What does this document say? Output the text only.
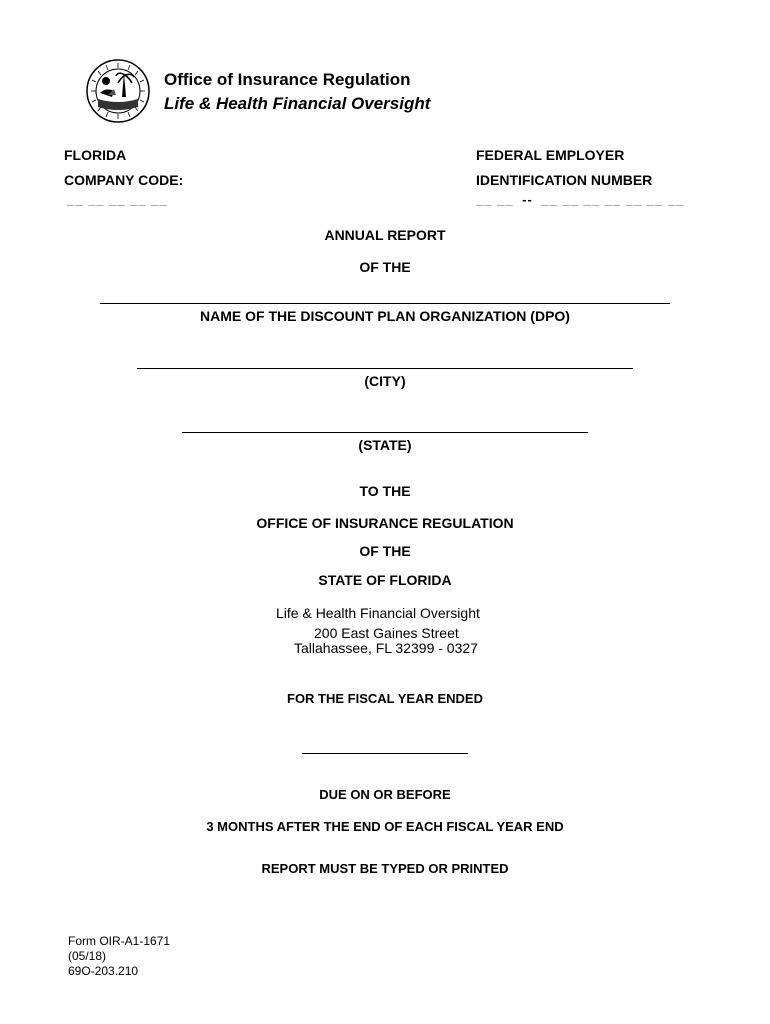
Office of Insurance Regulation
Life & Health Financial Oversight
FLORIDA
COMPANY CODE:
__ __ __ __ __
FEDERAL EMPLOYER
IDENTIFICATION NUMBER
__ __ -- __ __ __ __ __ __ __
ANNUAL REPORT
OF THE
NAME OF THE DISCOUNT PLAN ORGANIZATION (DPO)
(CITY)
(STATE)
TO THE
OFFICE OF INSURANCE REGULATION
OF THE
STATE OF FLORIDA
Life & Health Financial Oversight
200 East Gaines Street
Tallahassee, FL 32399 - 0327
FOR THE FISCAL YEAR ENDED
DUE ON OR BEFORE
3 MONTHS AFTER THE END OF EACH FISCAL YEAR END
REPORT MUST BE TYPED OR PRINTED
Form OIR-A1-1671
(05/18)
69O-203.210
